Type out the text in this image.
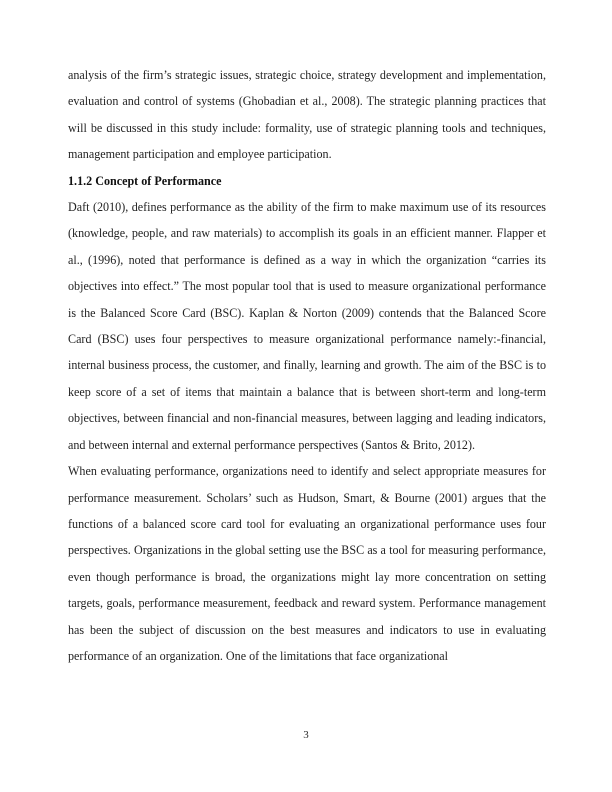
analysis of the firm’s strategic issues, strategic choice, strategy development and implementation, evaluation and control of systems (Ghobadian et al., 2008). The strategic planning practices that will be discussed in this study include: formality, use of strategic planning tools and techniques, management participation and employee participation.

1.1.2 Concept of Performance

Daft (2010), defines performance as the ability of the firm to make maximum use of its resources (knowledge, people, and raw materials) to accomplish its goals in an efficient manner. Flapper et al., (1996), noted that performance is defined as a way in which the organization “carries its objectives into effect.” The most popular tool that is used to measure organizational performance is the Balanced Score Card (BSC). Kaplan & Norton (2009) contends that the Balanced Score Card (BSC) uses four perspectives to measure organizational performance namely:-financial, internal business process, the customer, and finally, learning and growth. The aim of the BSC is to keep score of a set of items that maintain a balance that is between short-term and long-term objectives, between financial and non-financial measures, between lagging and leading indicators, and between internal and external performance perspectives (Santos & Brito, 2012).

When evaluating performance, organizations need to identify and select appropriate measures for performance measurement. Scholars’ such as Hudson, Smart, & Bourne (2001) argues that the functions of a balanced score card tool for evaluating an organizational performance uses four perspectives. Organizations in the global setting use the BSC as a tool for measuring performance, even though performance is broad, the organizations might lay more concentration on setting targets, goals, performance measurement, feedback and reward system. Performance management has been the subject of discussion on the best measures and indicators to use in evaluating performance of an organization. One of the limitations that face organizational

3
